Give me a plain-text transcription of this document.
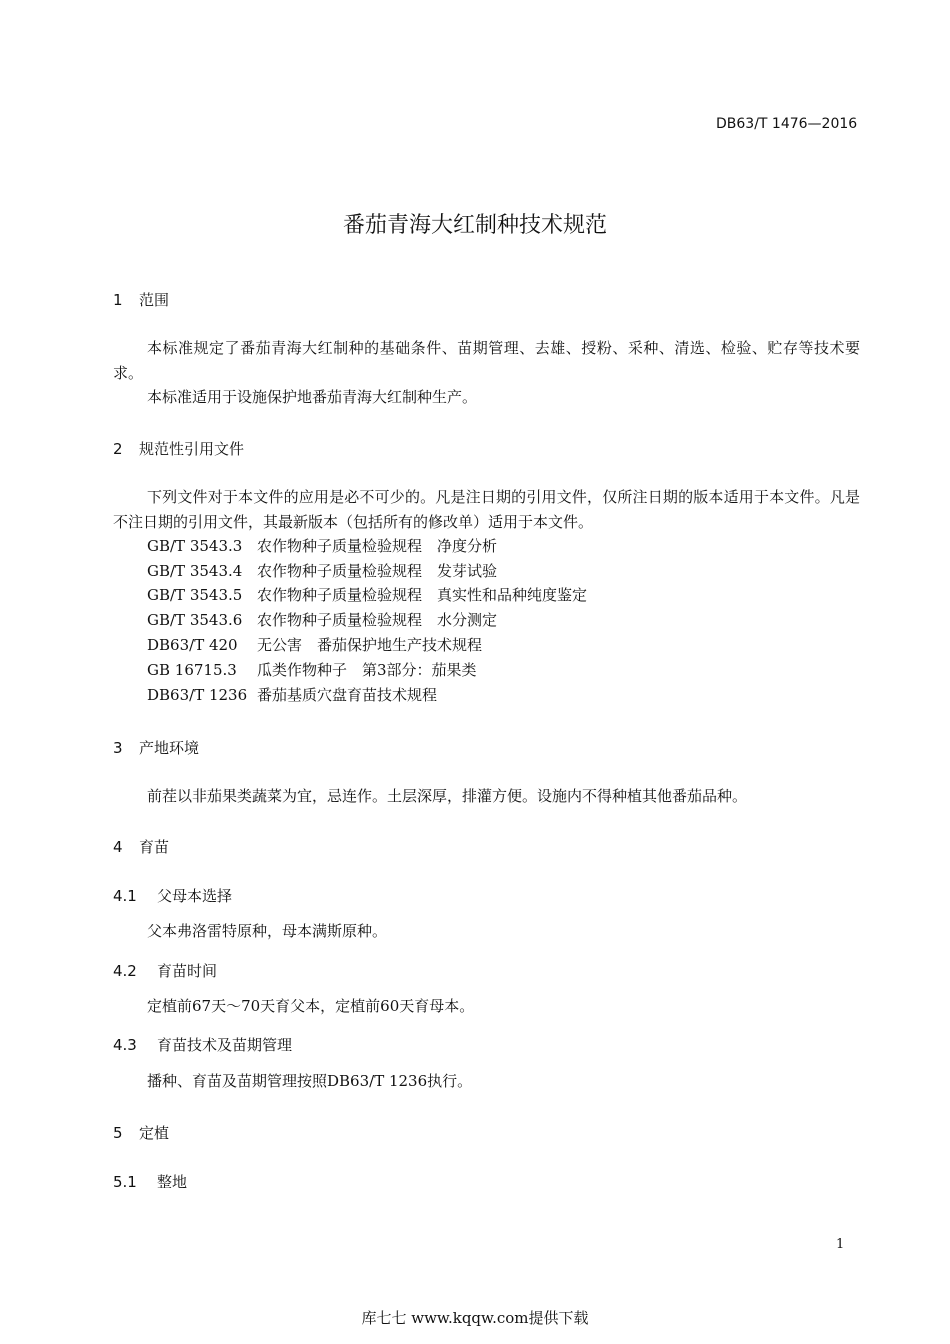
DB63/T 1476—2016
番茄青海大红制种技术规范
1 范围
本标准规定了番茄青海大红制种的基础条件、苗期管理、去雄、授粉、采种、清选、检验、贮存等技术要求。
本标准适用于设施保护地番茄青海大红制种生产。
2 规范性引用文件
下列文件对于本文件的应用是必不可少的。凡是注日期的引用文件，仅所注日期的版本适用于本文件。凡是不注日期的引用文件，其最新版本（包括所有的修改单）适用于本文件。
GB/T 3543.3 农作物种子质量检验规程　净度分析
GB/T 3543.4 农作物种子质量检验规程　发芽试验
GB/T 3543.5 农作物种子质量检验规程　真实性和品种纯度鉴定
GB/T 3543.6 农作物种子质量检验规程　水分测定
DB63/T 420 无公害　番茄保护地生产技术规程
GB 16715.3 瓜类作物种子　第3部分：茄果类
DB63/T 1236 番茄基质穴盘育苗技术规程
3 产地环境
前茬以非茄果类蔬菜为宜，忌连作。土层深厚，排灌方便。设施内不得种植其他番茄品种。
4 育苗
4.1 父母本选择
父本弗洛雷特原种，母本满斯原种。
4.2 育苗时间
定植前67天～70天育父本，定植前60天育母本。
4.3 育苗技术及苗期管理
播种、育苗及苗期管理按照DB63/T 1236执行。
5 定植
5.1 整地
1
库七七 www.kqqw.com提供下载
